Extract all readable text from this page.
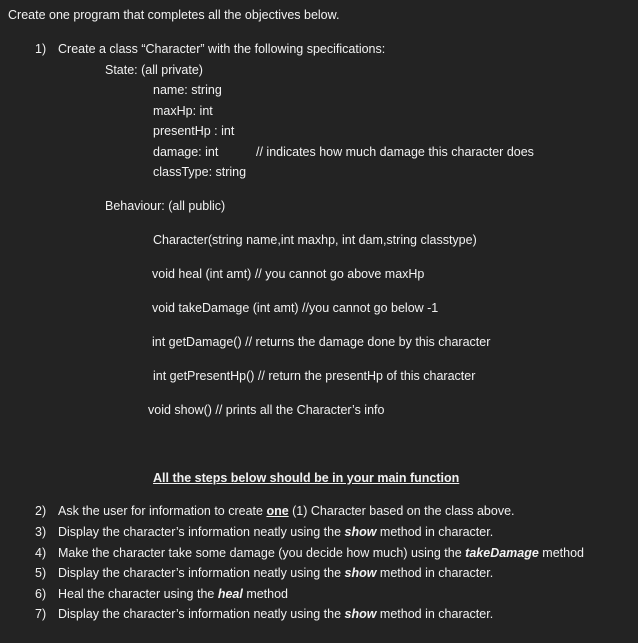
Create one program that completes all the objectives below.
1) Create a class “Character” with the following specifications:
State: (all private)
name: string
maxHp: int
presentHp : int
damage: int	// indicates how much damage this character does
classType: string
Behaviour: (all public)
Character(string name,int maxhp, int dam,string classtype)
void heal (int amt) // you cannot go above maxHp
void takeDamage (int amt) //you cannot go below -1
int getDamage() // returns the damage done by this character
int getPresentHp() // return the presentHp of this character
void show() // prints all the Character’s info
All the steps below should be in your main function
2) Ask the user for information to create one (1) Character based on the class above.
3) Display the character’s information neatly using the show method in character.
4) Make the character take some damage (you decide how much) using the takeDamage method
5) Display the character’s information neatly using the show method in character.
6) Heal the character using the heal method
7) Display the character’s information neatly using the show method in character.
